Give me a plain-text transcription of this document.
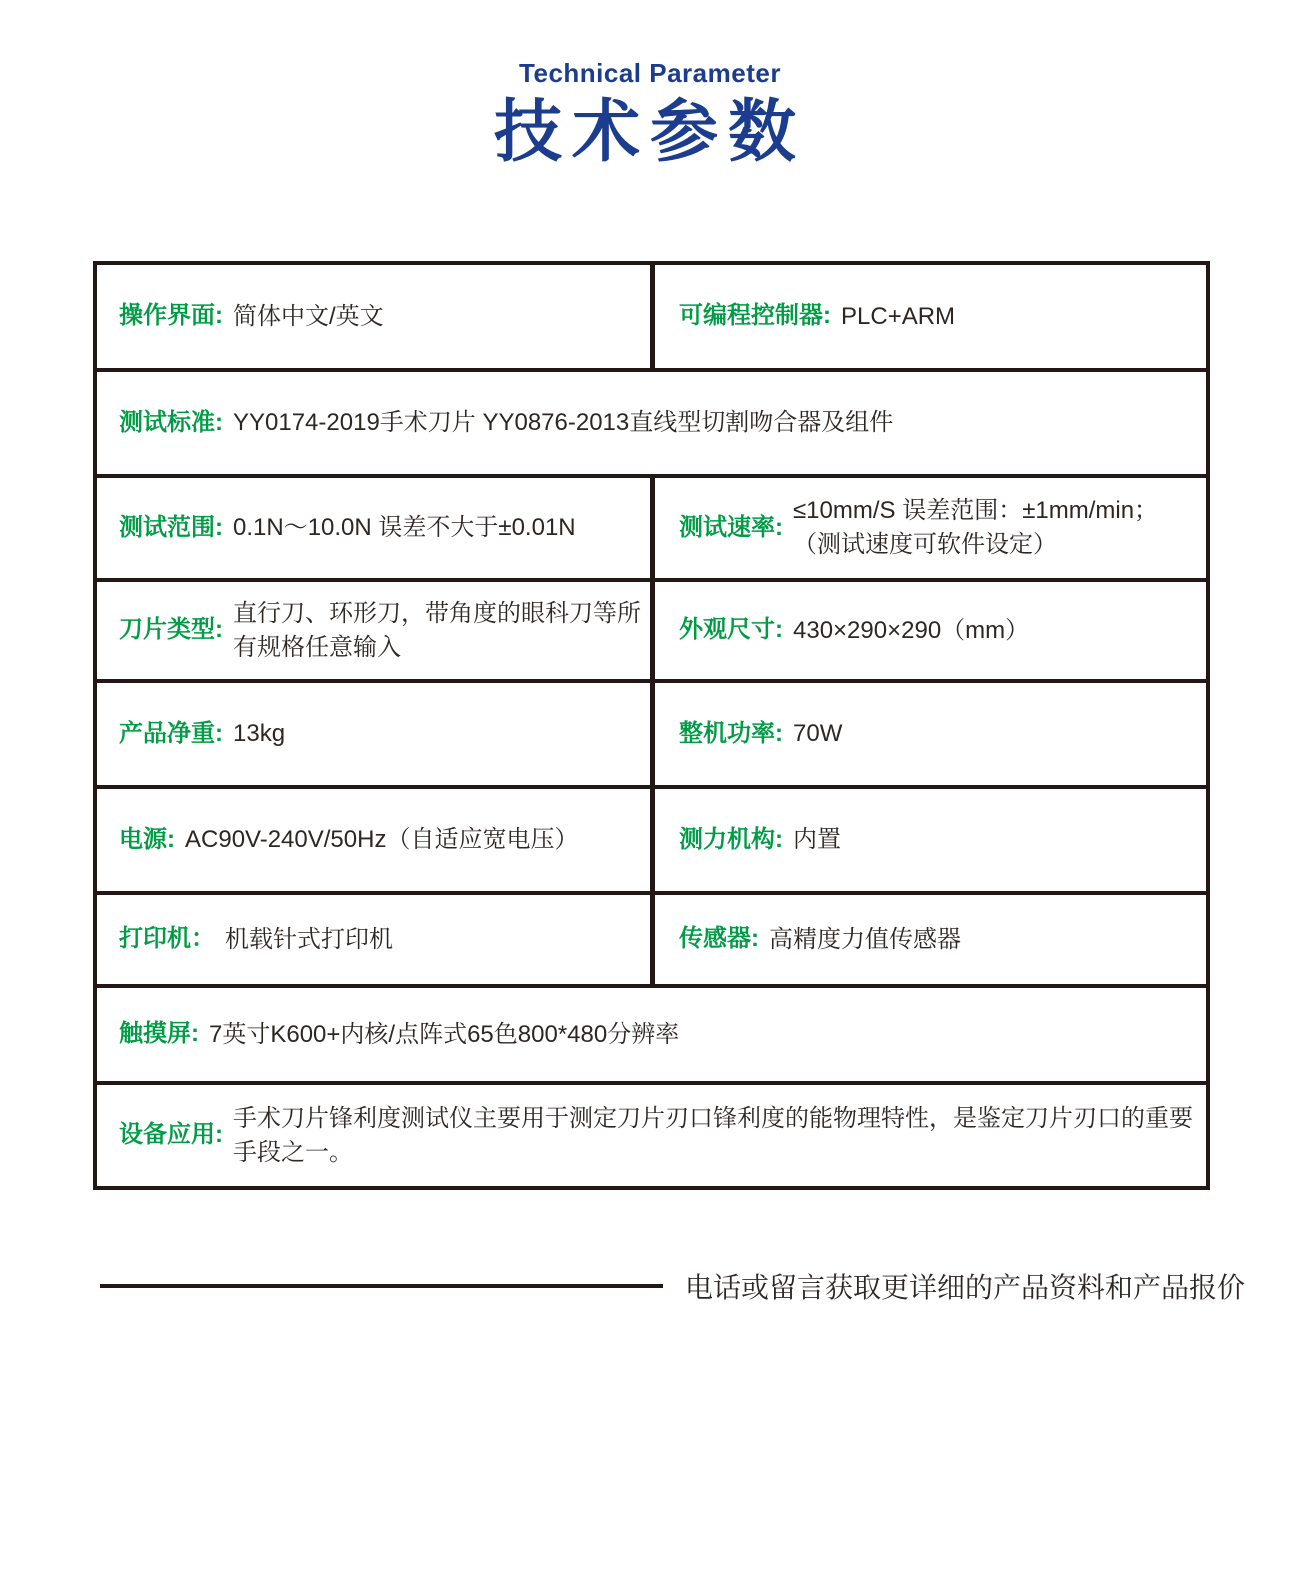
Technical Parameter
技术参数
操作界面: 简体中文/英文	可编程控制器: PLC+ARM
测试标准: YY0174-2019手术刀片 YY0876-2013直线型切割吻合器及组件
测试范围: 0.1N～10.0N 误差不大于±0.01N	测试速率:
≤10mm/S 误差范围：±1mm/min；
（测试速度可软件设定）
刀片类型:
直行刀、环形刀，带角度的眼科刀等所有规格任意输入
外观尺寸: 430×290×290（mm）
产品净重: 13kg	整机功率: 70W
电源: AC90V-240V/50Hz（自适应宽电压）	测力机构: 内置
打印机： 机载针式打印机	传感器: 高精度力值传感器
触摸屏: 7英寸K600+内核/点阵式65色800*480分辨率
设备应用:
手术刀片锋利度测试仪主要用于测定刀片刃口锋利度的能物理特性，是鉴定刀片刃口的重要手段之一。
电话或留言获取更详细的产品资料和产品报价
